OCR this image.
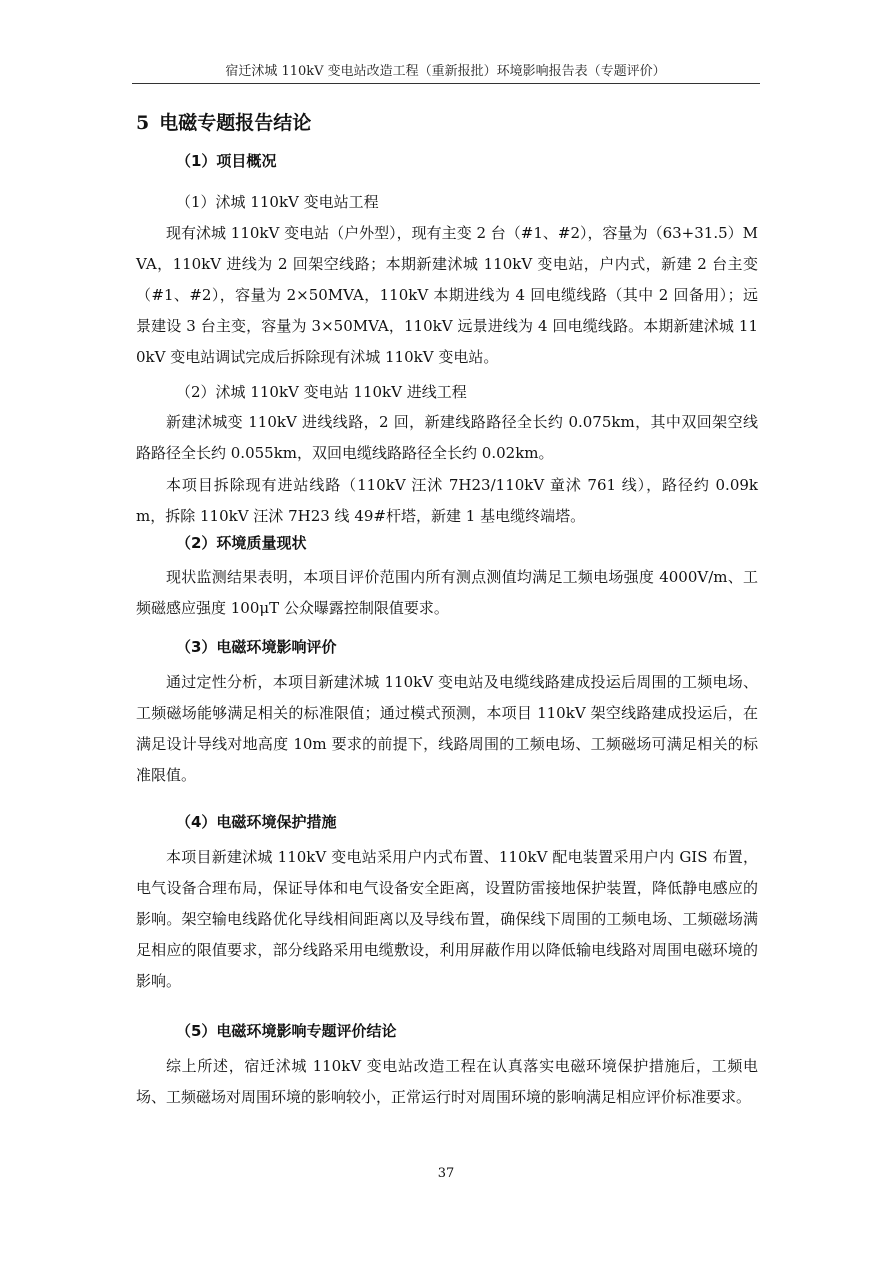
宿迁沭城 110kV 变电站改造工程（重新报批）环境影响报告表（专题评价）
5 电磁专题报告结论
（1）项目概况
（1）沭城 110kV 变电站工程
现有沭城 110kV 变电站（户外型），现有主变 2 台（#1、#2），容量为（63+31.5）MVA，110kV 进线为 2 回架空线路；本期新建沭城 110kV 变电站，户内式，新建 2 台主变（#1、#2），容量为 2×50MVA，110kV 本期进线为 4 回电缆线路（其中 2 回备用）；远景建设 3 台主变，容量为 3×50MVA，110kV 远景进线为 4 回电缆线路。本期新建沭城 110kV 变电站调试完成后拆除现有沭城 110kV 变电站。
（2）沭城 110kV 变电站 110kV 进线工程
新建沭城变 110kV 进线线路，2 回，新建线路路径全长约 0.075km，其中双回架空线路路径全长约 0.055km，双回电缆线路路径全长约 0.02km。
本项目拆除现有进站线路（110kV 汪沭 7H23/110kV 童沭 761 线），路径约 0.09km，拆除 110kV 汪沭 7H23 线 49#杆塔，新建 1 基电缆终端塔。
（2）环境质量现状
现状监测结果表明，本项目评价范围内所有测点测值均满足工频电场强度 4000V/m、工频磁感应强度 100μT 公众曝露控制限值要求。
（3）电磁环境影响评价
通过定性分析，本项目新建沭城 110kV 变电站及电缆线路建成投运后周围的工频电场、工频磁场能够满足相关的标准限值；通过模式预测，本项目 110kV 架空线路建成投运后，在满足设计导线对地高度 10m 要求的前提下，线路周围的工频电场、工频磁场可满足相关的标准限值。
（4）电磁环境保护措施
本项目新建沭城 110kV 变电站采用户内式布置、110kV 配电装置采用户内 GIS 布置，电气设备合理布局，保证导体和电气设备安全距离，设置防雷接地保护装置，降低静电感应的影响。架空输电线路优化导线相间距离以及导线布置，确保线下周围的工频电场、工频磁场满足相应的限值要求，部分线路采用电缆敷设，利用屏蔽作用以降低输电线路对周围电磁环境的影响。
（5）电磁环境影响专题评价结论
综上所述，宿迁沭城 110kV 变电站改造工程在认真落实电磁环境保护措施后，工频电场、工频磁场对周围环境的影响较小，正常运行时对周围环境的影响满足相应评价标准要求。
37
